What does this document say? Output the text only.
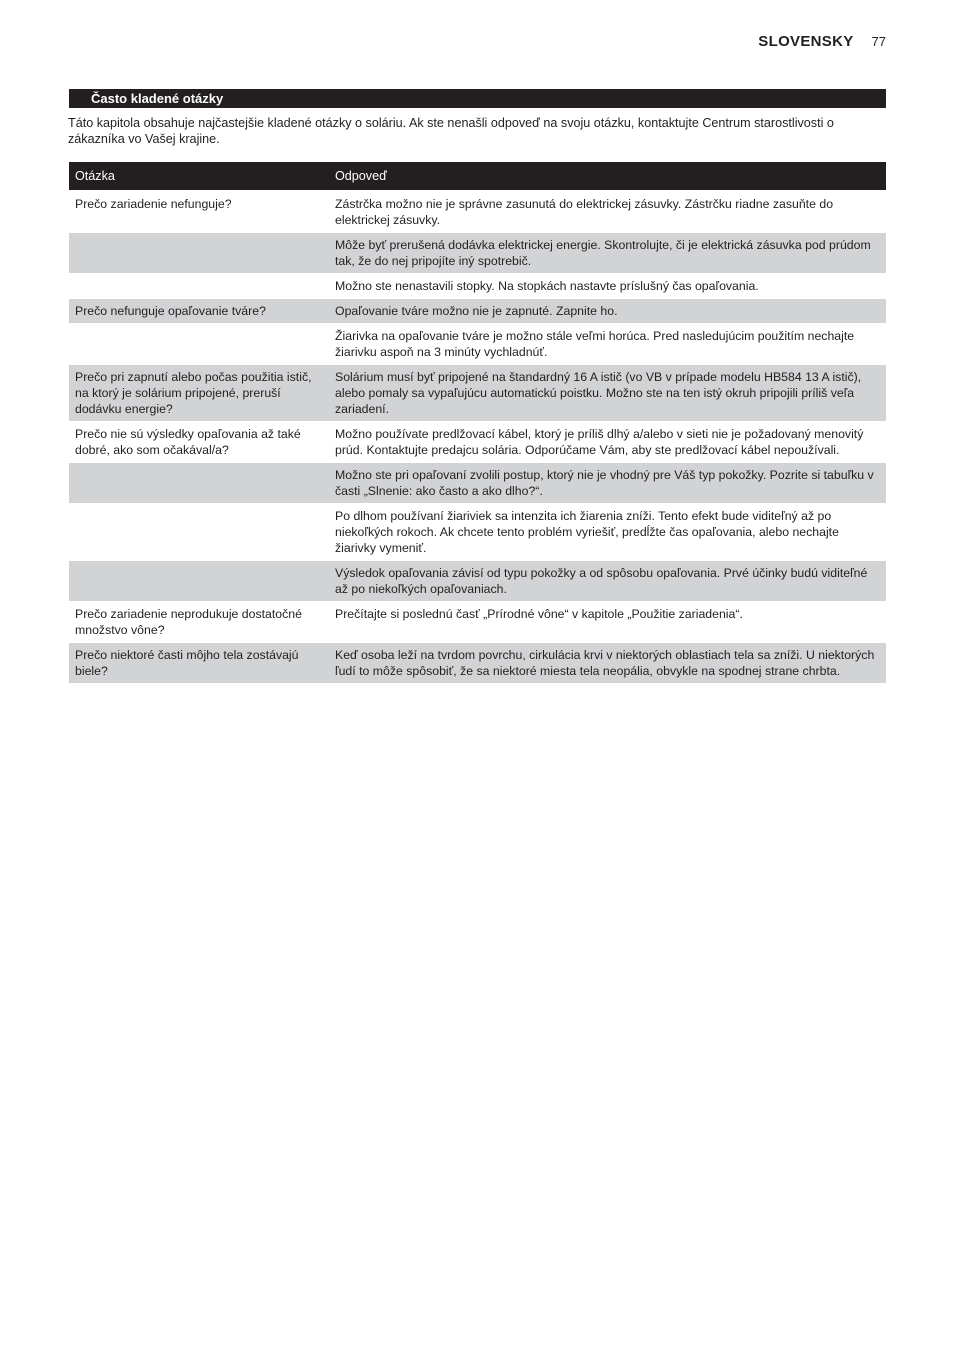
SLOVENSKY 77
Často kladené otázky

Táto kapitola obsahuje najčastejšie kladené otázky o soláriu. Ak ste nenašli odpoveď na svoju otázku, kontaktujte Centrum starostlivosti o zákazníka vo Vašej krajine.

Otázka	Odpoveď
Prečo zariadenie nefunguje?	Zástrčka možno nie je správne zasunutá do elektrickej zásuvky. Zástrčku riadne zasuňte do elektrickej zásuvky.
	Môže byť prerušená dodávka elektrickej energie. Skontrolujte, či je elektrická zásuvka pod prúdom tak, že do nej pripojíte iný spotrebič.
	Možno ste nenastavili stopky. Na stopkách nastavte príslušný čas opaľovania.
Prečo nefunguje opaľovanie tváre?	Opaľovanie tváre možno nie je zapnuté. Zapnite ho.
	Žiarivka na opaľovanie tváre je možno stále veľmi horúca. Pred nasledujúcim použitím nechajte žiarivku aspoň na 3 minúty vychladnúť.
Prečo pri zapnutí alebo počas použitia istič, na ktorý je solárium pripojené, preruší dodávku energie?	Solárium musí byť pripojené na štandardný 16 A istič (vo VB v prípade modelu HB584 13 A istič), alebo pomaly sa vypaľujúcu automatickú poistku. Možno ste na ten istý okruh pripojili príliš veľa zariadení.
Prečo nie sú výsledky opaľovania až také dobré, ako som očakával/a?	Možno používate predlžovací kábel, ktorý je príliš dlhý a/alebo v sieti nie je požadovaný menovitý prúd. Kontaktujte predajcu solária. Odporúčame Vám, aby ste predlžovací kábel nepoužívali.
	Možno ste pri opaľovaní zvolili postup, ktorý nie je vhodný pre Váš typ pokožky. Pozrite si tabuľku v časti „Slnenie: ako často a ako dlho?“.
	Po dlhom používaní žiariviek sa intenzita ich žiarenia zníži. Tento efekt bude viditeľný až po niekoľkých rokoch. Ak chcete tento problém vyriešiť, predĺžte čas opaľovania, alebo nechajte žiarivky vymeniť.
	Výsledok opaľovania závisí od typu pokožky a od spôsobu opaľovania. Prvé účinky budú viditeľné až po niekoľkých opaľovaniach.
Prečo zariadenie neprodukuje dostatočné množstvo vône?	Prečítajte si poslednú časť „Prírodné vône“ v kapitole „Použitie zariadenia“.
Prečo niektoré časti môjho tela zostávajú biele?	Keď osoba leží na tvrdom povrchu, cirkulácia krvi v niektorých oblastiach tela sa zníži. U niektorých ľudí to môže spôsobiť, že sa niektoré miesta tela neopália, obvykle na spodnej strane chrbta.
